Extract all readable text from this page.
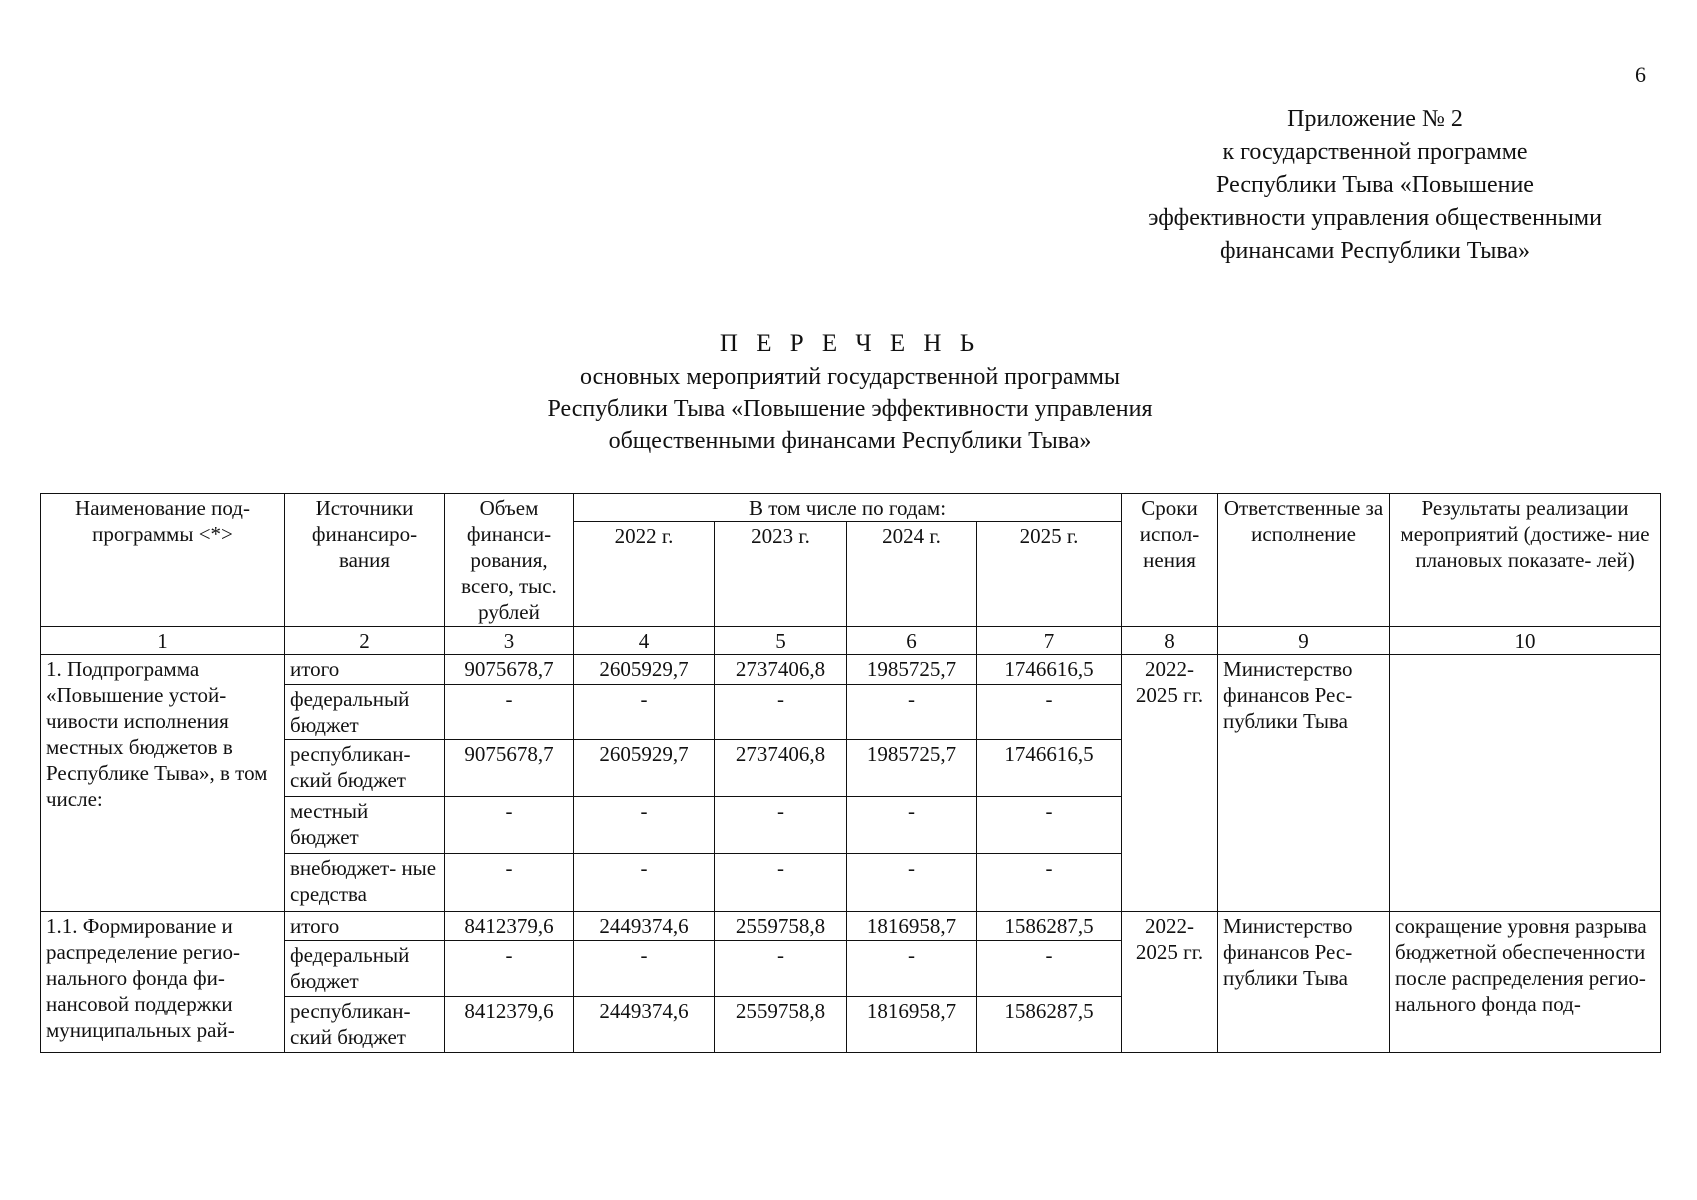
6
Приложение № 2
к государственной программе
Республики Тыва «Повышение
эффективности управления общественными
финансами Республики Тыва»
П Е Р Е Ч Е Н Ь
основных мероприятий государственной программы
Республики Тыва «Повышение эффективности управления
общественными финансами Республики Тыва»
Наименование под- программы <*>	Источники финансиро- вания	Объем финанси- рования, всего, тыс. рублей	В том числе по годам:				Сроки испол- нения	Ответственные за исполнение	Результаты реализации мероприятий (достиже- ние плановых показате- лей)
			2022 г.	2023 г.	2024 г.	2025 г.			
1	2	3	4	5	6	7	8	9	10
1. Подпрограмма «Повышение устой- чивости исполнения местных бюджетов в Республике Тыва», в том числе:	итого	9075678,7	2605929,7	2737406,8	1985725,7	1746616,5	2022- 2025 гг.	Министерство финансов Рес- публики Тыва	
	федеральный бюджет	-	-	-	-	-			
	республикан- ский бюджет	9075678,7	2605929,7	2737406,8	1985725,7	1746616,5			
	местный бюджет	-	-	-	-	-			
	внебюджет- ные средства	-	-	-	-	-			
1.1. Формирование и распределение регио- нального фонда фи- нансовой поддержки муниципальных рай-	итого	8412379,6	2449374,6	2559758,8	1816958,7	1586287,5	2022- 2025 гг.	Министерство финансов Рес- публики Тыва	сокращение уровня разрыва бюджетной обеспеченности после распределения регио- нального фонда под-
	федеральный бюджет	-	-	-	-	-			
	республикан- ский бюджет	8412379,6	2449374,6	2559758,8	1816958,7	1586287,5			
